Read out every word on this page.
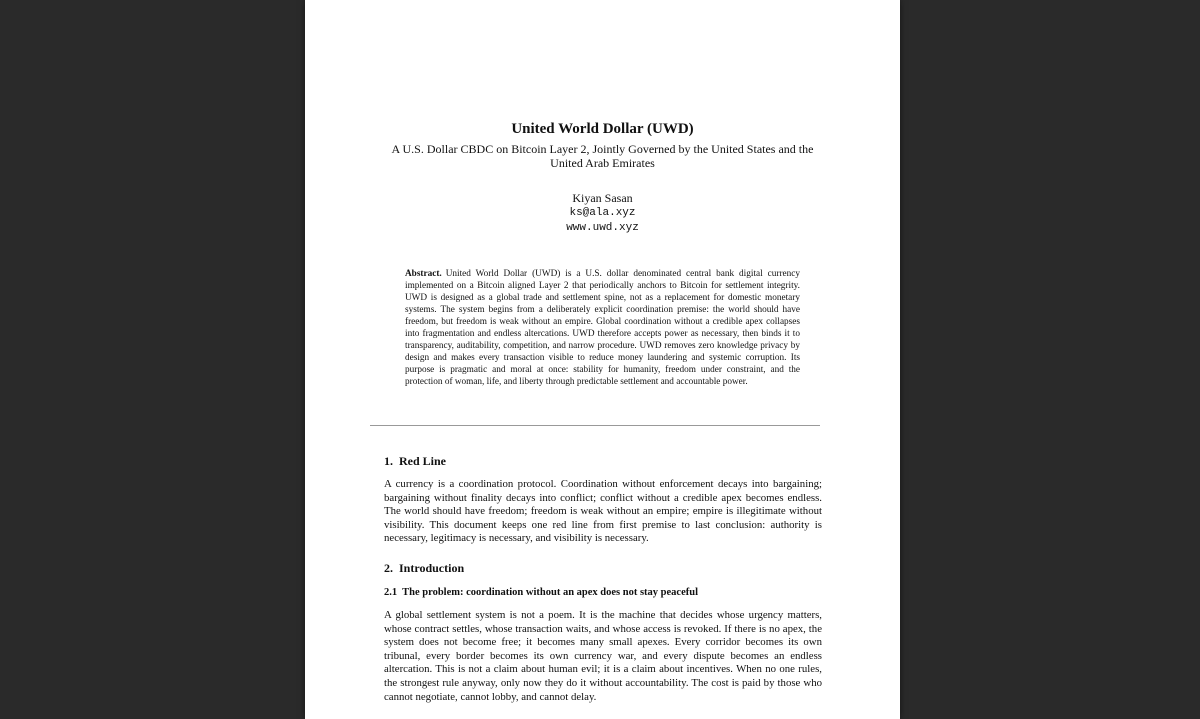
United World Dollar (UWD)
A U.S. Dollar CBDC on Bitcoin Layer 2, Jointly Governed by the United States and the United Arab Emirates
Kiyan Sasan
ks@ala.xyz
www.uwd.xyz
Abstract. United World Dollar (UWD) is a U.S. dollar denominated central bank digital currency implemented on a Bitcoin aligned Layer 2 that periodically anchors to Bitcoin for settlement integrity. UWD is designed as a global trade and settlement spine, not as a replacement for domestic monetary systems. The system begins from a deliberately explicit coordination premise: the world should have freedom, but freedom is weak without an empire. Global coordination without a credible apex collapses into fragmentation and endless altercations. UWD therefore accepts power as necessary, then binds it to transparency, auditability, competition, and narrow procedure. UWD removes zero knowledge privacy by design and makes every transaction visible to reduce money laundering and systemic corruption. Its purpose is pragmatic and moral at once: stability for humanity, freedom under constraint, and the protection of woman, life, and liberty through predictable settlement and accountable power.
1. Red Line
A currency is a coordination protocol. Coordination without enforcement decays into bargaining; bargaining without finality decays into conflict; conflict without a credible apex becomes endless. The world should have freedom; freedom is weak without an empire; empire is illegitimate without visibility. This document keeps one red line from first premise to last conclusion: authority is necessary, legitimacy is necessary, and visibility is necessary.
2. Introduction
2.1 The problem: coordination without an apex does not stay peaceful
A global settlement system is not a poem. It is the machine that decides whose urgency matters, whose contract settles, whose transaction waits, and whose access is revoked. If there is no apex, the system does not become free; it becomes many small apexes. Every corridor becomes its own tribunal, every border becomes its own currency war, and every dispute becomes an endless altercation. This is not a claim about human evil; it is a claim about incentives. When no one rules, the strongest rule anyway, only now they do it without accountability. The cost is paid by those who cannot negotiate, cannot lobby, and cannot delay.
